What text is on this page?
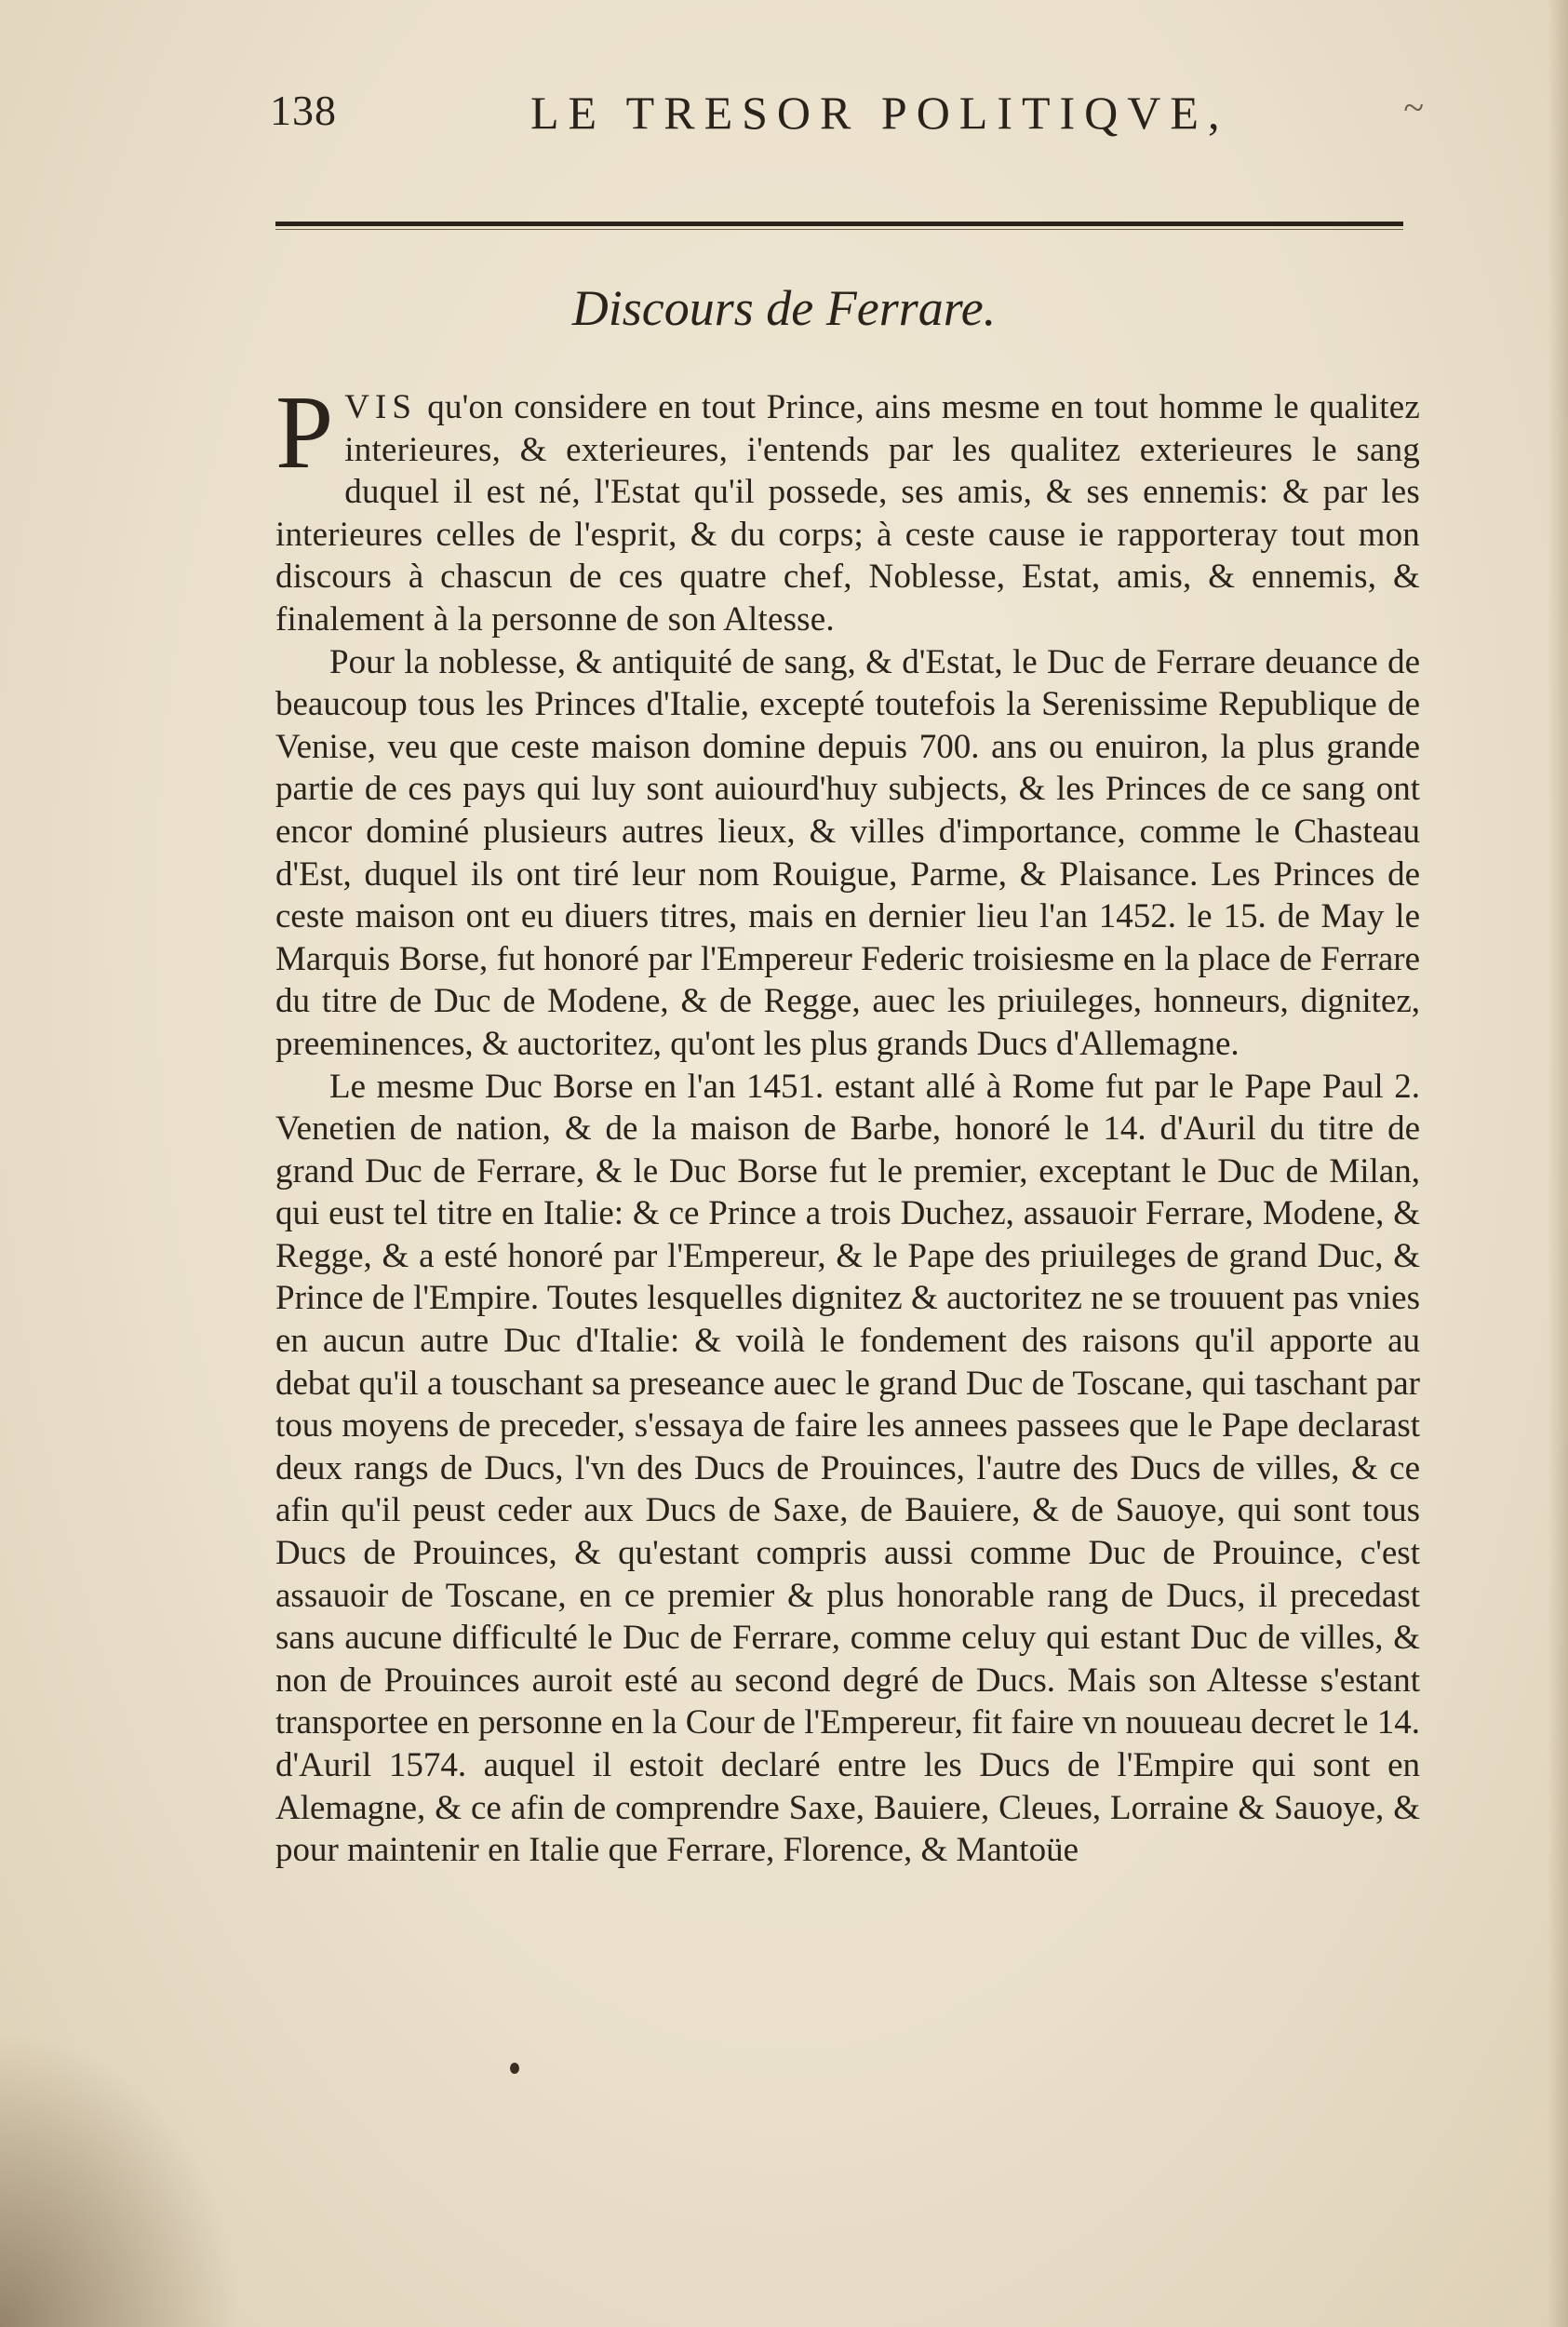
138	LE TRESOR POLITIQVE,	~
Discours de Ferrare.

PVIS qu'on considere en tout Prince, ains mesme en tout homme le qualitez interieures, & exterieures, i'entends par les qualitez exterieures le sang duquel il est né, l'Estat qu'il possede, ses amis, & ses ennemis: & par les interieures celles de l'esprit, & du corps; à ceste cause ie rapporteray tout mon discours à chascun de ces quatre chef, Noblesse, Estat, amis, & ennemis, & finalement à la personne de son Altesse.

Pour la noblesse, & antiquité de sang, & d'Estat, le Duc de Ferrare deuance de beaucoup tous les Princes d'Italie, excepté toutefois la Serenissime Republique de Venise, veu que ceste maison domine depuis 700. ans ou enuiron, la plus grande partie de ces pays qui luy sont auiourd'huy subjects, & les Princes de ce sang ont encor dominé plusieurs autres lieux, & villes d'importance, comme le Chasteau d'Est, duquel ils ont tiré leur nom Rouigue, Parme, & Plaisance. Les Princes de ceste maison ont eu diuers titres, mais en dernier lieu l'an 1452. le 15. de May le Marquis Borse, fut honoré par l'Empereur Federic troisiesme en la place de Ferrare du titre de Duc de Modene, & de Regge, auec les priuileges, honneurs, dignitez, preeminences, & auctoritez, qu'ont les plus grands Ducs d'Allemagne.

Le mesme Duc Borse en l'an 1451. estant allé à Rome fut par le Pape Paul 2. Venetien de nation, & de la maison de Barbe, honoré le 14. d'Auril du titre de grand Duc de Ferrare, & le Duc Borse fut le premier, exceptant le Duc de Milan, qui eust tel titre en Italie: & ce Prince a trois Duchez, assauoir Ferrare, Modene, & Regge, & a esté honoré par l'Empereur, & le Pape des priuileges de grand Duc, & Prince de l'Empire. Toutes lesquelles dignitez & auctoritez ne se trouuent pas vnies en aucun autre Duc d'Italie: & voilà le fondement des raisons qu'il apporte au debat qu'il a touschant sa preseance auec le grand Duc de Toscane, qui taschant par tous moyens de preceder, s'essaya de faire les annees passees que le Pape declarast deux rangs de Ducs, l'vn des Ducs de Prouinces, l'autre des Ducs de villes, & ce afin qu'il peust ceder aux Ducs de Saxe, de Bauiere, & de Sauoye, qui sont tous Ducs de Prouinces, & qu'estant compris aussi comme Duc de Prouince, c'est assauoir de Toscane, en ce premier & plus honorable rang de Ducs, il precedast sans aucune difficulté le Duc de Ferrare, comme celuy qui estant Duc de villes, & non de Prouinces auroit esté au second degré de Ducs. Mais son Altesse s'estant transportee en personne en la Cour de l'Empereur, fit faire vn nouueau decret le 14. d'Auril 1574. auquel il estoit declaré entre les Ducs de l'Empire qui sont en Alemagne, & ce afin de comprendre Saxe, Bauiere, Cleues, Lorraine & Sauoye, & pour maintenir en Italie que Ferrare, Florence, & Mantoüe
